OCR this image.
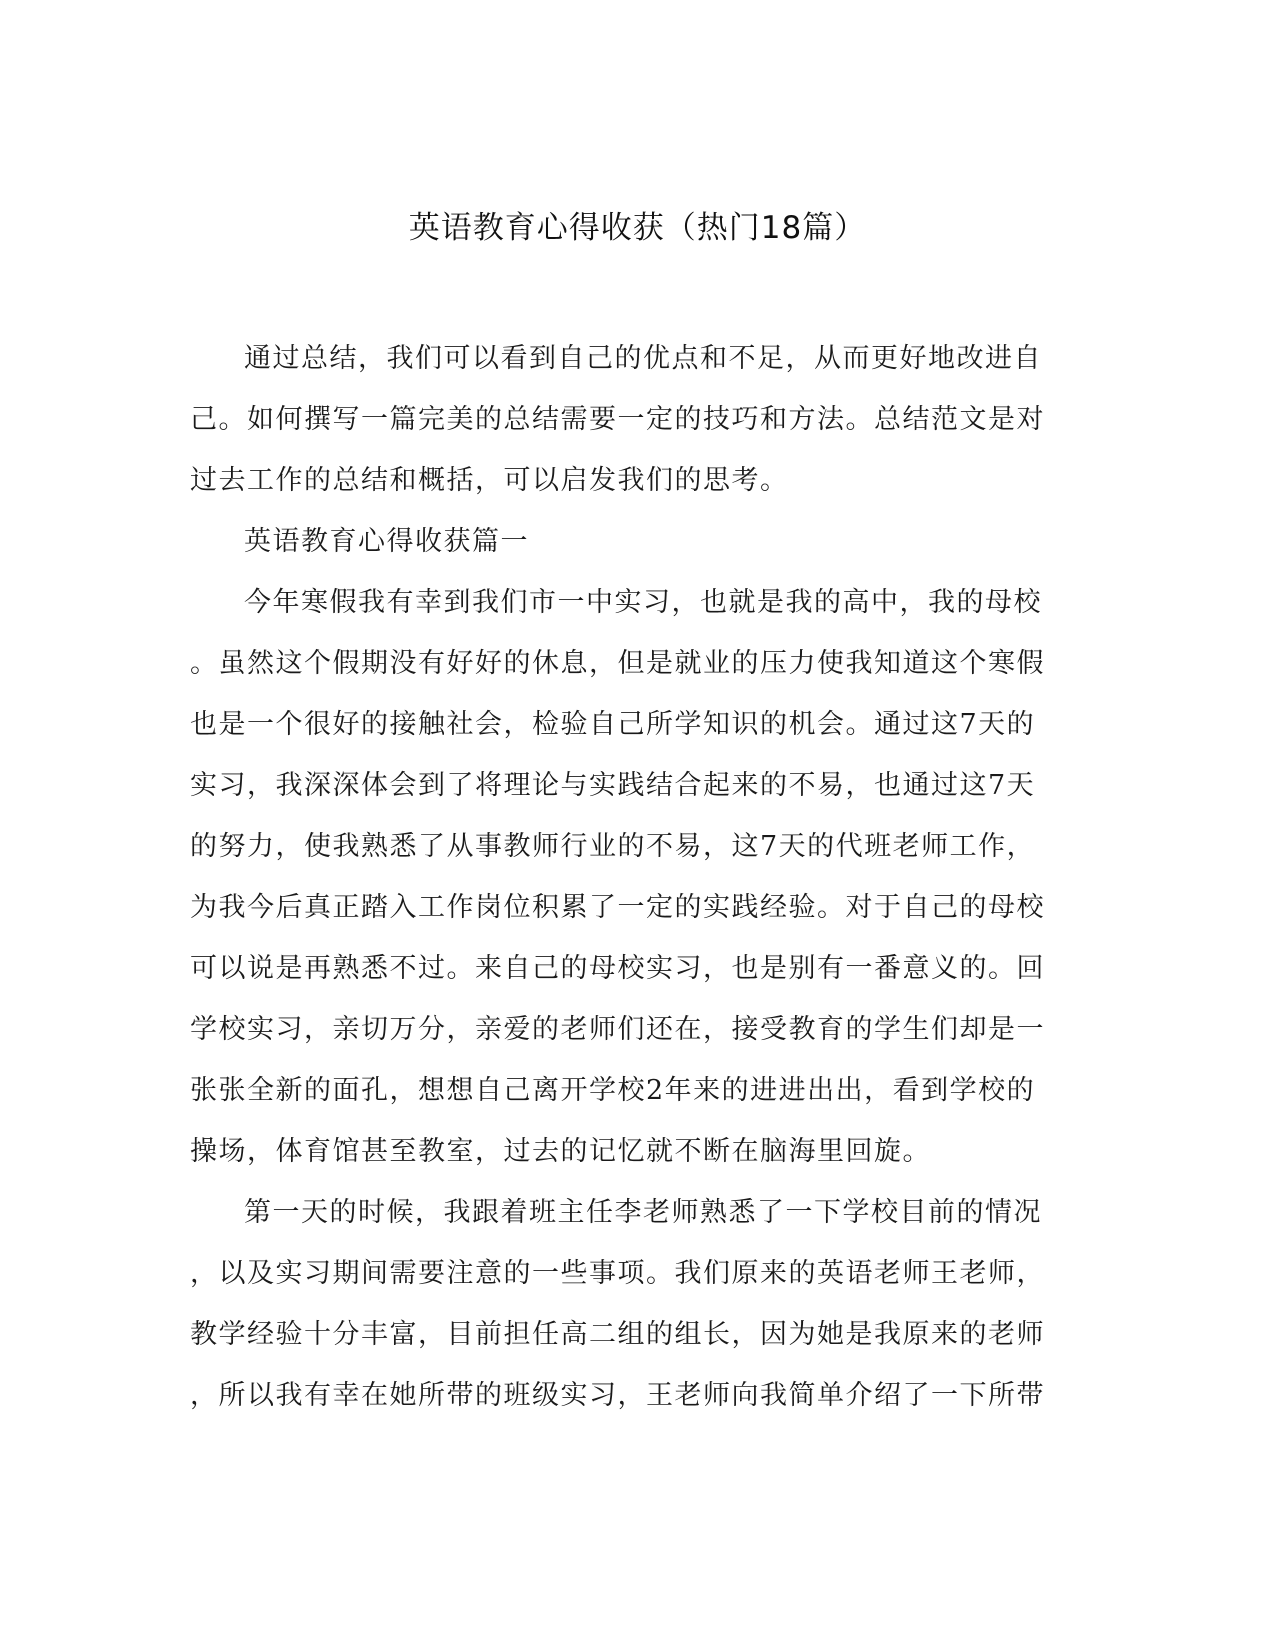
英语教育心得收获（热门18篇）

通过总结，我们可以看到自己的优点和不足，从而更好地改进自
己。如何撰写一篇完美的总结需要一定的技巧和方法。总结范文是对
过去工作的总结和概括，可以启发我们的思考。

英语教育心得收获篇一

今年寒假我有幸到我们市一中实习，也就是我的高中，我的母校
。虽然这个假期没有好好的休息，但是就业的压力使我知道这个寒假
也是一个很好的接触社会，检验自己所学知识的机会。通过这7天的
实习，我深深体会到了将理论与实践结合起来的不易，也通过这7天
的努力，使我熟悉了从事教师行业的不易，这7天的代班老师工作，
为我今后真正踏入工作岗位积累了一定的实践经验。对于自己的母校
可以说是再熟悉不过。来自己的母校实习，也是别有一番意义的。回
学校实习，亲切万分，亲爱的老师们还在，接受教育的学生们却是一
张张全新的面孔，想想自己离开学校2年来的进进出出，看到学校的
操场，体育馆甚至教室，过去的记忆就不断在脑海里回旋。

第一天的时候，我跟着班主任李老师熟悉了一下学校目前的情况
，以及实习期间需要注意的一些事项。我们原来的英语老师王老师，
教学经验十分丰富，目前担任高二组的组长，因为她是我原来的老师
，所以我有幸在她所带的班级实习，王老师向我简单介绍了一下所带
